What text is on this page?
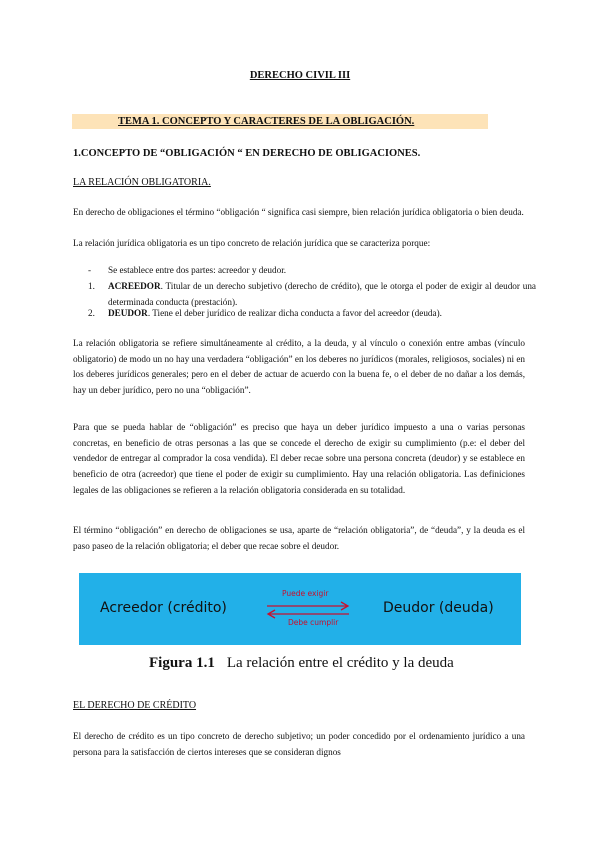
DERECHO CIVIL III
TEMA 1. CONCEPTO Y CARACTERES DE LA OBLIGACIÓN.
1.CONCEPTO DE “OBLIGACIÓN “ EN DERECHO DE OBLIGACIONES.
LA RELACIÓN OBLIGATORIA.
En derecho de obligaciones el término “obligación “ significa casi siempre, bien relación jurídica obligatoria o bien deuda.
La relación jurídica obligatoria es un tipo concreto de relación jurídica que se caracteriza porque:
- Se establece entre dos partes: acreedor y deudor.
1. ACREEDOR. Titular de un derecho subjetivo (derecho de crédito), que le otorga el poder de exigir al deudor una determinada conducta (prestación).
2. DEUDOR. Tiene el deber jurídico de realizar dicha conducta a favor del acreedor (deuda).
La relación obligatoria se refiere simultáneamente al crédito, a la deuda, y al vínculo o conexión entre ambas (vínculo obligatorio) de modo un no hay una verdadera “obligación” en los deberes no jurídicos (morales, religiosos, sociales) ni en los deberes jurídicos generales; pero en el deber de actuar de acuerdo con la buena fe, o el deber de no dañar a los demás, hay un deber jurídico, pero no una “obligación”.
Para que se pueda hablar de “obligación” es preciso que haya un deber jurídico impuesto a una o varias personas concretas, en beneficio de otras personas a las que se concede el derecho de exigir su cumplimiento (p.e: el deber del vendedor de entregar al comprador la cosa vendida). El deber recae sobre una persona concreta (deudor) y se establece en beneficio de otra (acreedor) que tiene el poder de exigir su cumplimiento. Hay una relación obligatoria. Las definiciones legales de las obligaciones se refieren a la relación obligatoria considerada en su totalidad.
El término “obligación” en derecho de obligaciones se usa, aparte de “relación obligatoria”, de “deuda”, y la deuda es el paso paseo de la relación obligatoria; el deber que recae sobre el deudor.
Acreedor (crédito)	Deudor (deuda)
Puede exigir
Debe cumplir
Figura 1.1 La relación entre el crédito y la deuda
EL DERECHO DE CRÉDITO
El derecho de crédito es un tipo concreto de derecho subjetivo; un poder concedido por el ordenamiento jurídico a una persona para la satisfacción de ciertos intereses que se consideran dignos
